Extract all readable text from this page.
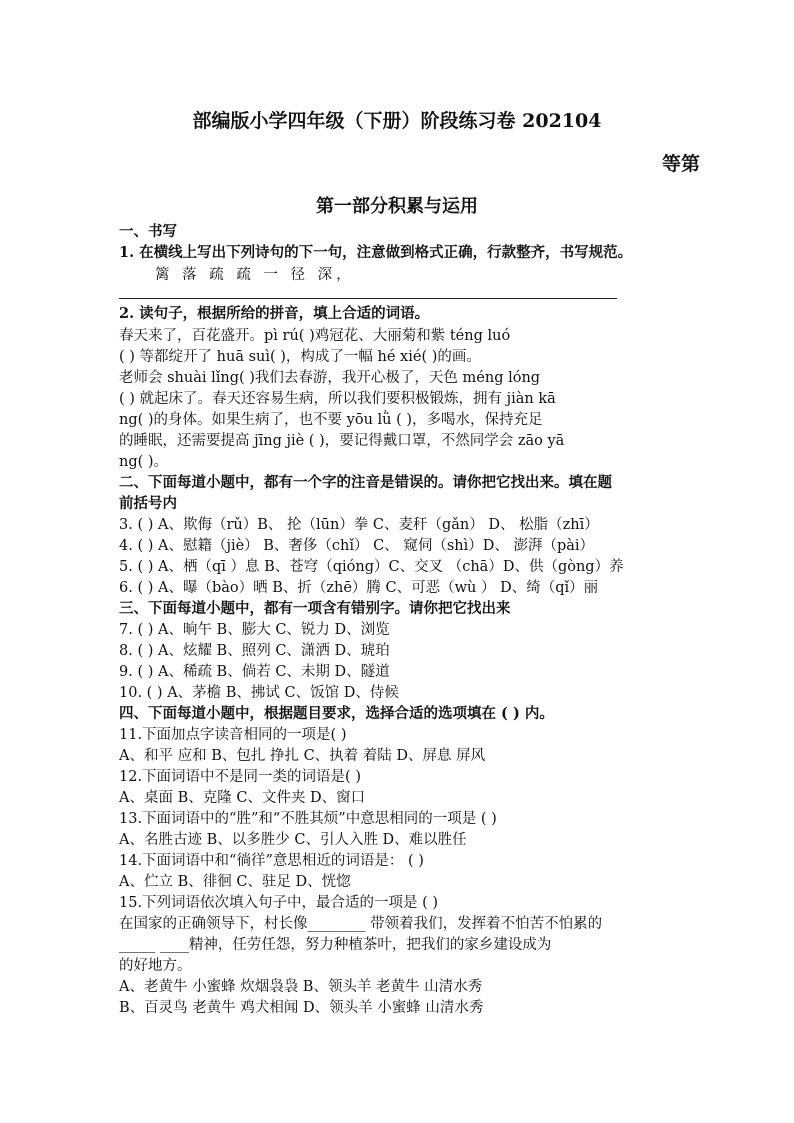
部编版小学四年级（下册）阶段练习卷 202104
等第
第一部分积累与运用
一、书写
1. 在横线上写出下列诗句的下一句，注意做到格式正确，行款整齐，书写规范。
篱 落 疏 疏 一 径 深，
2. 读句子，根据所给的拼音，填上合适的词语。
春天来了，百花盛开。pì rú( )鸡冠花、大丽菊和紫 téng luó
( ) 等都绽开了 huā suì( )，构成了一幅 hé xié( )的画。
老师会 shuài lǐng( )我们去春游，我开心极了，天色 méng lóng
( ) 就起床了。春天还容易生病，所以我们要积极锻炼，拥有 jiàn kā
ng( )的身体。如果生病了，也不要 yōu lǜ ( )，多喝水，保持充足
的睡眠，还需要提高 jīng jiè ( )，要记得戴口罩，不然同学会 zāo yā
ng( )。
二、下面每道小题中，都有一个字的注音是错误的。请你把它找出来。填在题
前括号内
3. ( ) A、欺侮（rǔ）B、 抡（lūn）拳 C、麦秆（gǎn） D、 松脂（zhī）
4. ( ) A、慰籍（jiè） B、奢侈（chǐ） C、 窥伺（shì）D、 澎湃（pài）
5. ( ) A、栖（qī ）息 B、苍穹（qióng）C、交叉 （chā）D、供（gòng）养
6. ( ) A、曝（bào）晒 B、折（zhē）腾 C、可恶（wù ） D、绮（qǐ）丽
三、下面每道小题中，都有一项含有错别字。请你把它找出来
7. ( ) A、晌午 B、膨大 C、锐力 D、浏览
8. ( ) A、炫耀 B、照列 C、潇洒 D、琥珀
9. ( ) A、稀疏 B、倘若 C、未期 D、隧道
10. ( ) A、茅檐 B、拂试 C、饭馆 D、侍候
四、下面每道小题中，根据题目要求，选择合适的选项填在 ( ) 内。
11.下面加点字读音相同的一项是( )
A、和平 应和 B、包扎 挣扎 C、执着 着陆 D、屏息 屏风
12.下面词语中不是同一类的词语是( )
A、桌面 B、克隆 C、文件夹 D、窗口
13.下面词语中的“胜”和“不胜其烦”中意思相同的一项是 ( )
A、名胜古迹 B、以多胜少 C、引人入胜 D、难以胜任
14.下面词语中和“徜徉”意思相近的词语是： ( )
A、伫立 B、徘徊 C、驻足 D、恍惚
15.下列词语依次填入句子中，最合适的一项是 ( )
在国家的正确领导下，村长像________ 带领着我们，发挥着不怕苦不怕累的
_____ ____精神，任劳任怨，努力种植茶叶，把我们的家乡建设成为
的好地方。
A、老黄牛 小蜜蜂 炊烟袅袅 B、领头羊 老黄牛 山清水秀
B、百灵鸟 老黄牛 鸡犬相闻 D、领头羊 小蜜蜂 山清水秀
